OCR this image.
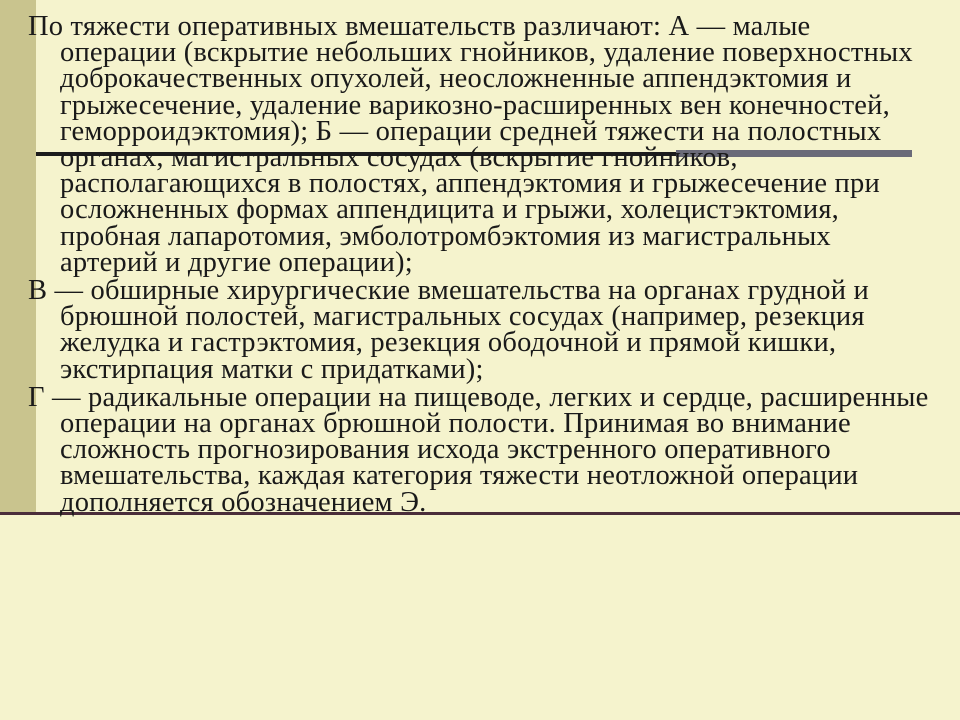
По тяжести оперативных вмешательств различают: А — малые операции (вскрытие небольших гнойников, удаление поверхностных доброкачественных опухолей, неосложненные аппендэктомия и грыжесечение, удаление варикозно-расширенных вен конечностей, геморроидэктомия); Б — операции средней тяжести на полостных органах, магистральных сосудах (вскрытие гнойников, располагающихся в полостях, аппендэктомия и грыжесечение при осложненных формах аппендицита и грыжи, холецистэктомия, пробная лапаротомия, эмболотромбэктомия из магистральных артерий и другие операции);

В — обширные хирургические вмешательства на органах грудной и брюшной полостей, магистральных сосудах (например, резекция желудка и гастрэктомия, резекция ободочной и прямой кишки, экстирпация матки с придатками);

Г — радикальные операции на пищеводе, легких и сердце, расширенные операции на органах брюшной полости. Принимая во внимание сложность прогнозирования исхода экстренного оперативного вмешательства, каждая категория тяжести неотложной операции дополняется обозначением Э.
